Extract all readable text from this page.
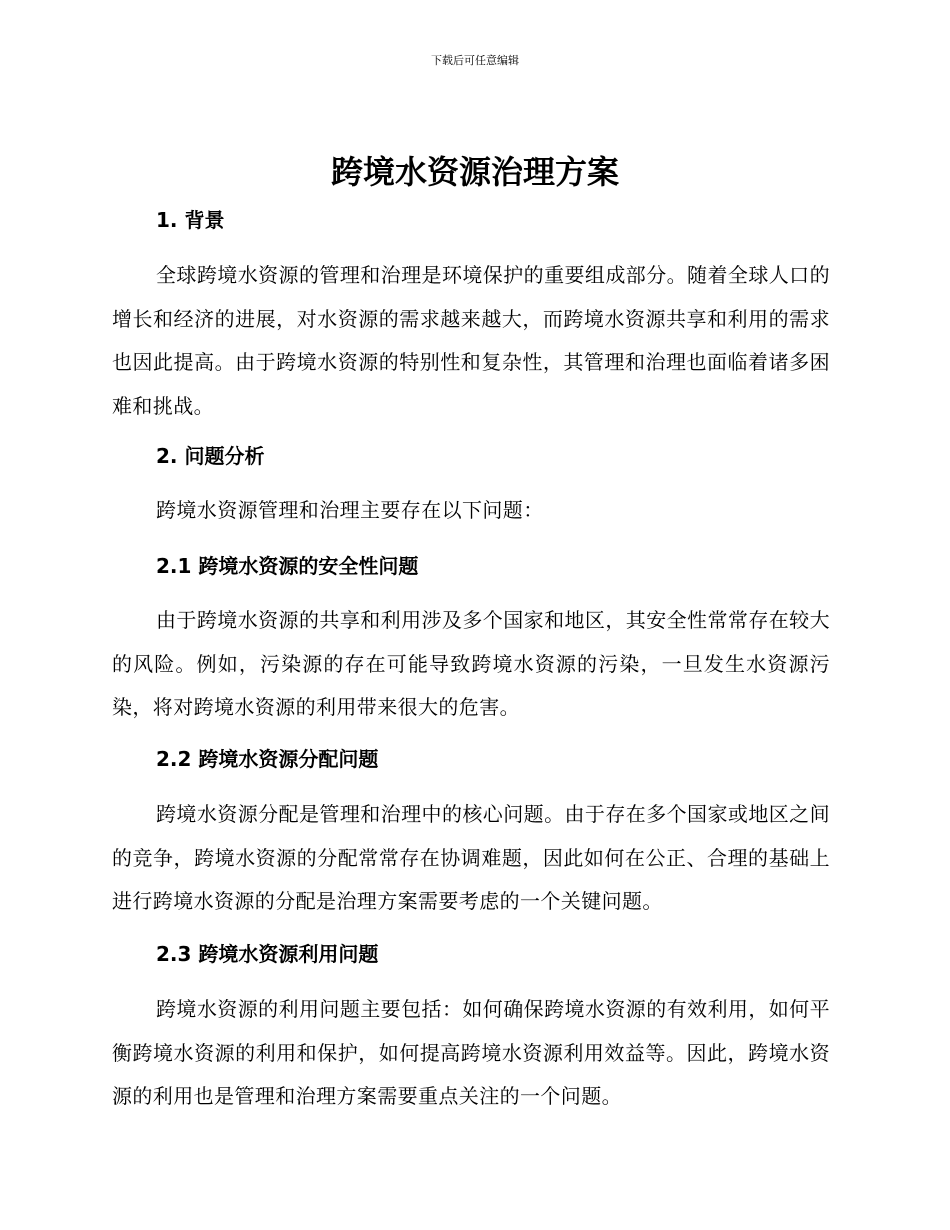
下载后可任意编辑
跨境水资源治理方案
1. 背景

全球跨境水资源的管理和治理是环境保护的重要组成部分。随着全球人口的增长和经济的进展，对水资源的需求越来越大，而跨境水资源共享和利用的需求也因此提高。由于跨境水资源的特别性和复杂性，其管理和治理也面临着诸多困难和挑战。

2. 问题分析

跨境水资源管理和治理主要存在以下问题：

2.1 跨境水资源的安全性问题

由于跨境水资源的共享和利用涉及多个国家和地区，其安全性常常存在较大的风险。例如，污染源的存在可能导致跨境水资源的污染，一旦发生水资源污染，将对跨境水资源的利用带来很大的危害。

2.2 跨境水资源分配问题

跨境水资源分配是管理和治理中的核心问题。由于存在多个国家或地区之间的竞争，跨境水资源的分配常常存在协调难题，因此如何在公正、合理的基础上进行跨境水资源的分配是治理方案需要考虑的一个关键问题。

2.3 跨境水资源利用问题

跨境水资源的利用问题主要包括：如何确保跨境水资源的有效利用，如何平衡跨境水资源的利用和保护，如何提高跨境水资源利用效益等。因此，跨境水资源的利用也是管理和治理方案需要重点关注的一个问题。
